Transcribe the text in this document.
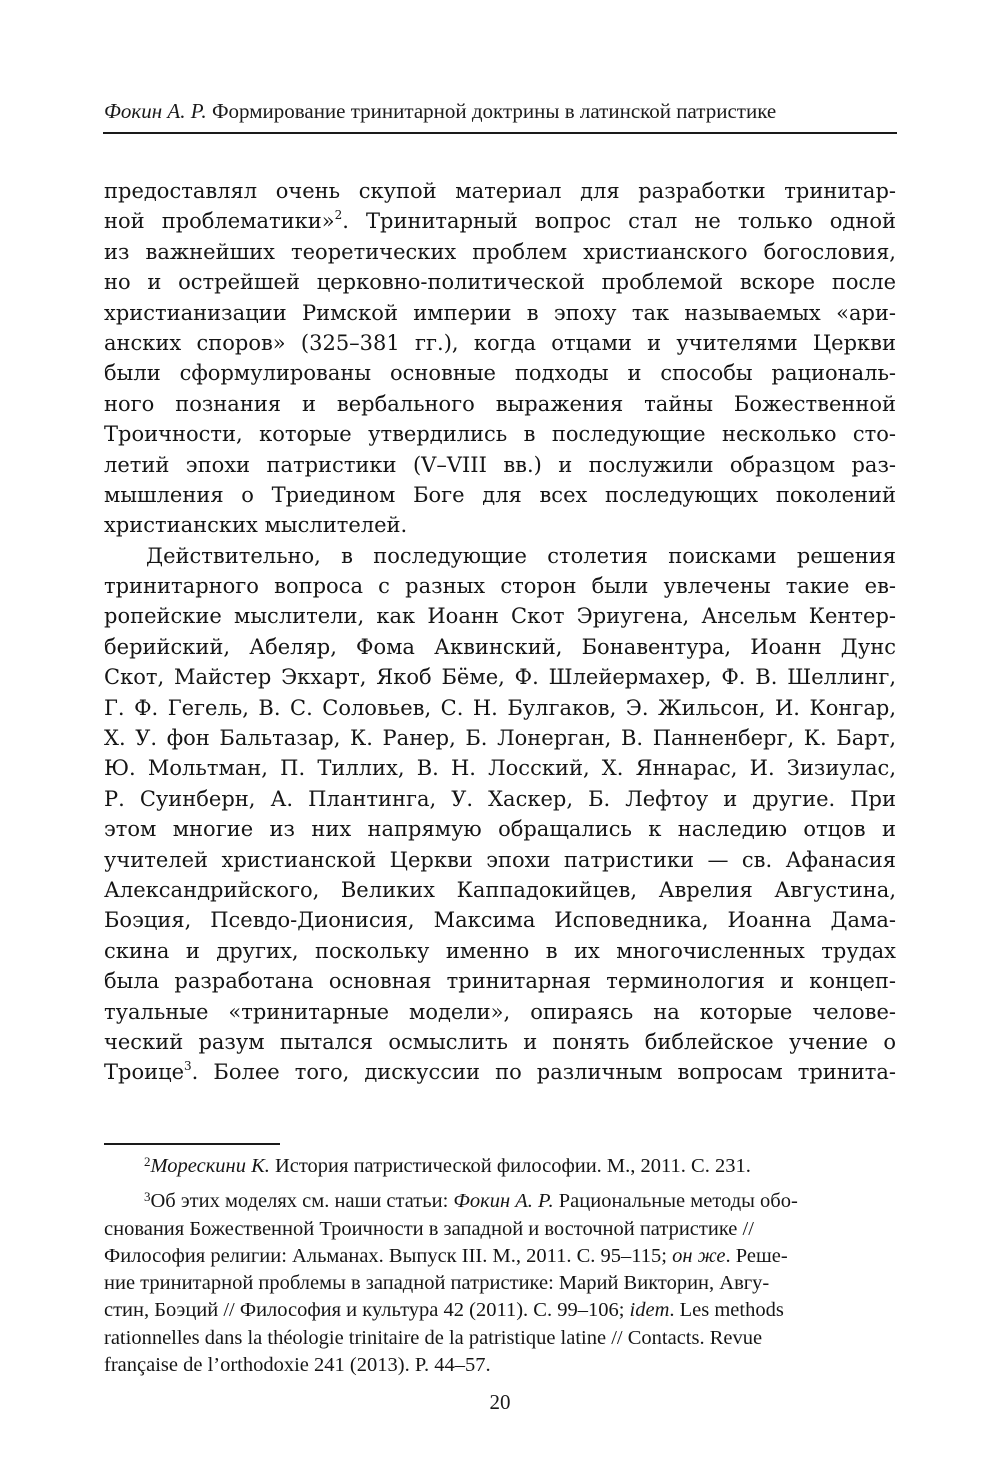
Фокин А. Р. Формирование тринитарной доктрины в латинской патристике
предоставлял очень скупой материал для разработки тринитар-
ной проблематики»$^2$. Тринитарный вопрос стал не только одной
из важнейших теоретических проблем христианского богословия,
но и острейшей церковно-политической проблемой вскоре после
христианизации Римской империи в эпоху так называемых «ари-
анских споров» (325–381 гг.), когда отцами и учителями Церкви
были сформулированы основные подходы и способы рациональ-
ного познания и вербального выражения тайны Божественной
Троичности, которые утвердились в последующие несколько сто-
летий эпохи патристики (V–VIII вв.) и послужили образцом раз-
мышления о Триедином Боге для всех последующих поколений
христианских мыслителей.
Действительно, в последующие столетия поисками решения
тринитарного вопроса с разных сторон были увлечены такие ев-
ропейские мыслители, как Иоанн Скот Эриугена, Ансельм Кентер-
берийский, Абеляр, Фома Аквинский, Бонавентура, Иоанн Дунс
Скот, Майстер Экхарт, Якоб Бёме, Ф. Шлейермахер, Ф. В. Шеллинг,
Г. Ф. Гегель, В. С. Соловьев, С. Н. Булгаков, Э. Жильсон, И. Конгар,
Х. У. фон Бальтазар, К. Ранер, Б. Лонерган, В. Панненберг, К. Барт,
Ю. Мольтман, П. Тиллих, В. Н. Лосский, Х. Яннарас, И. Зизиулас,
Р. Суинберн, А. Плантинга, У. Хаскер, Б. Лефтоу и другие. При
этом многие из них напрямую обращались к наследию отцов и
учителей христианской Церкви эпохи патристики — св. Афанасия
Александрийского, Великих Каппадокийцев, Аврелия Августина,
Боэция, Псевдо-Дионисия, Максима Исповедника, Иоанна Дама-
скина и других, поскольку именно в их многочисленных трудах
была разработана основная тринитарная терминология и концеп-
туальные «тринитарные модели», опираясь на которые челове-
ческий разум пытался осмыслить и понять библейское учение о
Троице$^3$. Более того, дискуссии по различным вопросам тринита-
$^2$Морескини К. История патристической философии. М., 2011. С. 231.
$^3$Об этих моделях см. наши статьи: Фокин А. Р. Рациональные методы обо- снования Божественной Троичности в западной и восточной патристике // Философия религии: Альманах. Выпуск III. М., 2011. С. 95–115; он же. Реше- ние тринитарной проблемы в западной патристике: Марий Викторин, Авгу- стин, Боэций // Философия и культура 42 (2011). С. 99–106; idem. Les methods rationnelles dans la théologie trinitaire de la patristique latine // Contacts. Revue française de l’orthodoxie 241 (2013). P. 44–57.
20
